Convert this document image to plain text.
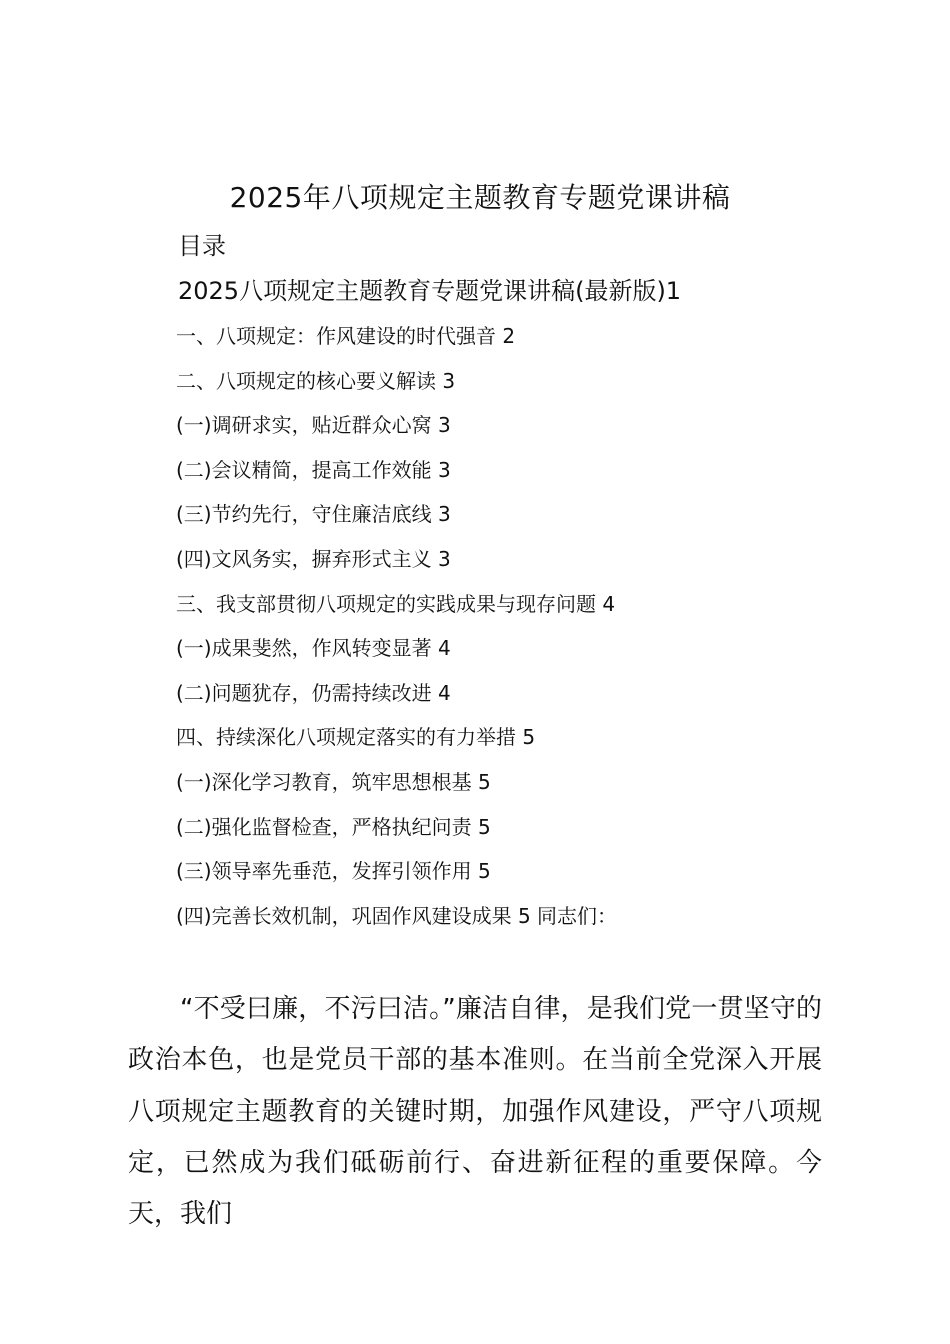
2025年八项规定主题教育专题党课讲稿
目录
2025八项规定主题教育专题党课讲稿(最新版)1
一、八项规定：作风建设的时代强音 2
二、八项规定的核心要义解读 3
(一)调研求实，贴近群众心窝 3
(二)会议精简，提高工作效能 3
(三)节约先行，守住廉洁底线 3
(四)文风务实，摒弃形式主义 3
三、我支部贯彻八项规定的实践成果与现存问题 4
(一)成果斐然，作风转变显著 4
(二)问题犹存，仍需持续改进 4
四、持续深化八项规定落实的有力举措 5
(一)深化学习教育，筑牢思想根基 5
(二)强化监督检查，严格执纪问责 5
(三)领导率先垂范，发挥引领作用 5
(四)完善长效机制，巩固作风建设成果 5 同志们：

“不受曰廉，不污曰洁。”廉洁自律，是我们党一贯坚守的政治本色，也是党员干部的基本准则。在当前全党深入开展八项规定主题教育的关键时期，加强作风建设，严守八项规定，已然成为我们砥砺前行、奋进新征程的重要保障。今天，我们
